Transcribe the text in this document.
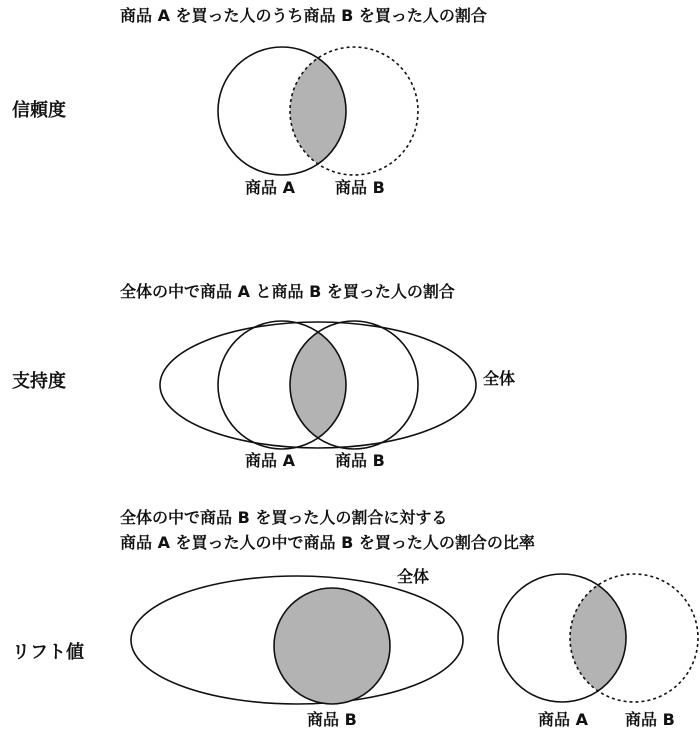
商品 A を買った人のうち商品 B を買った人の割合
信頼度
商品 A	商品 B
全体の中で商品 A と商品 B を買った人の割合
支持度	全体
商品 A	商品 B
全体の中で商品 B を買った人の割合に対する
商品 A を買った人の中で商品 B を買った人の割合の比率
リフト値
全体
商品 B	商品 A 商品 B
